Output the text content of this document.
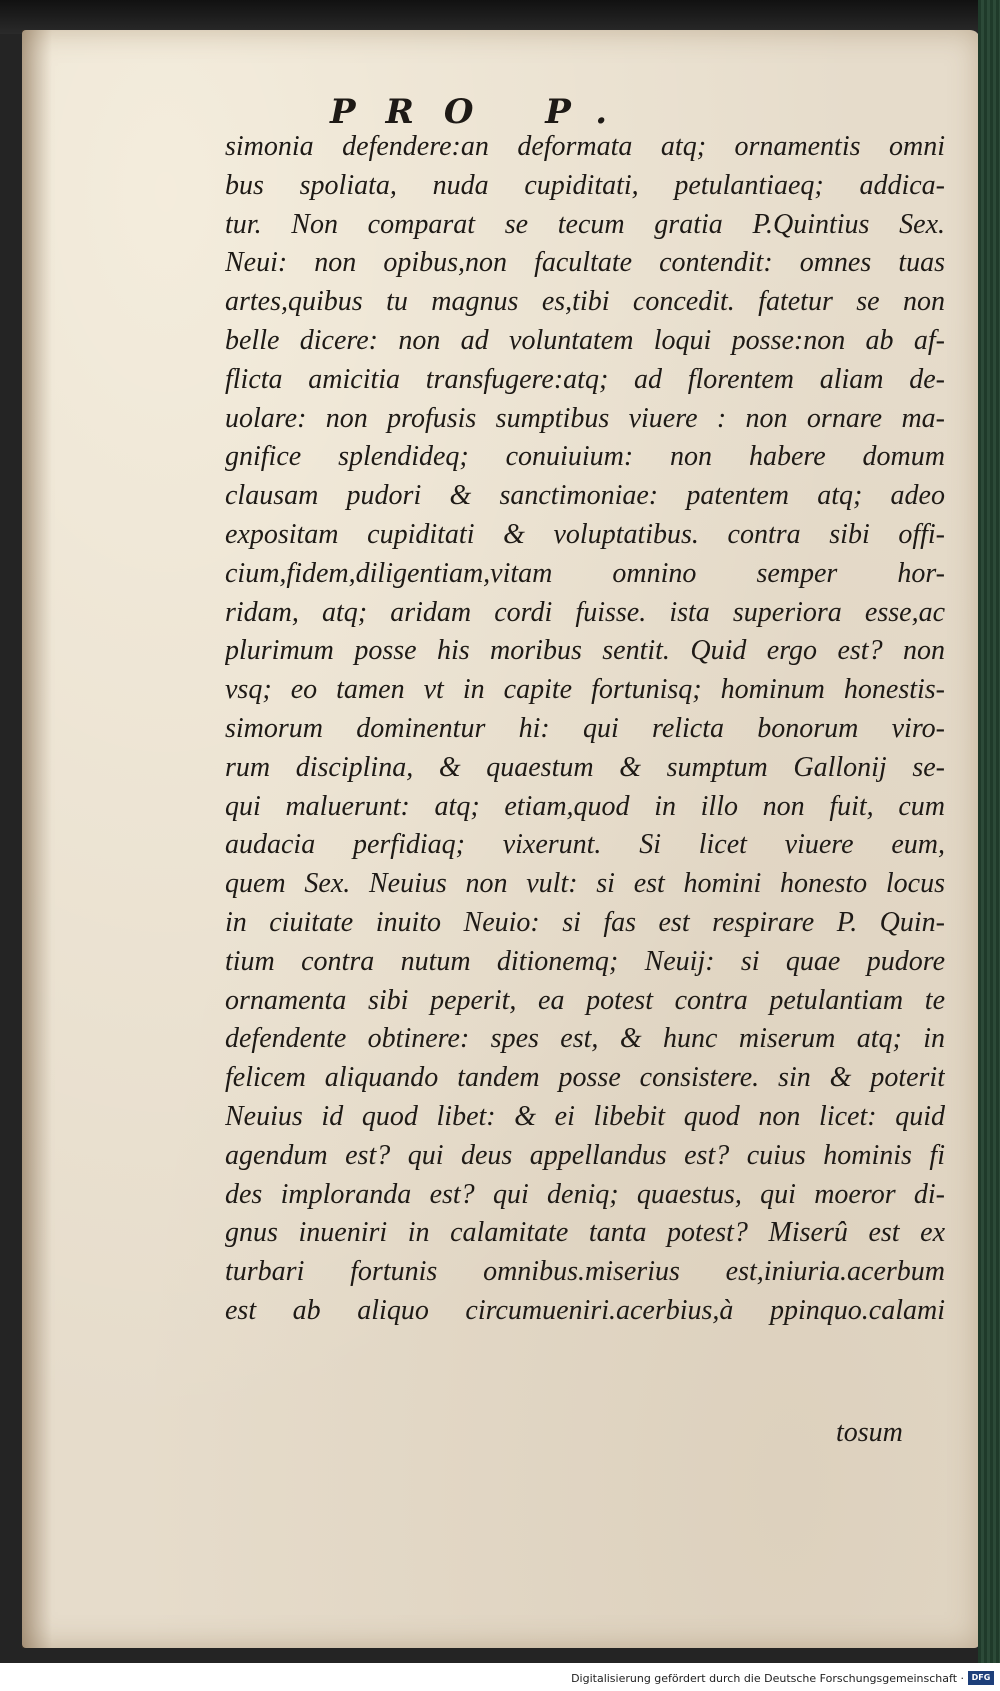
PRO P.
simonia defendere:an deformata atq; ornamentis omni
bus spoliata, nuda cupiditati, petulantiaeq; addica-
tur. Non comparat se tecum gratia P.Quintius Sex.
Neui: non opibus,non facultate contendit: omnes tuas
artes,quibus tu magnus es,tibi concedit. fatetur se non
belle dicere: non ad voluntatem loqui posse:non ab af-
flicta amicitia transfugere:atq; ad florentem aliam de-
uolare: non profusis sumptibus viuere : non ornare ma-
gnifice splendideq; conuiuium: non habere domum
clausam pudori & sanctimoniae: patentem atq; adeo
expositam cupiditati & voluptatibus. contra sibi offi-
cium,fidem,diligentiam,vitam omnino semper hor-
ridam, atq; aridam cordi fuisse. ista superiora esse,ac
plurimum posse his moribus sentit. Quid ergo est? non
vsq; eo tamen vt in capite fortunisq; hominum honestis-
simorum dominentur hi: qui relicta bonorum viro-
rum disciplina, & quaestum & sumptum Gallonij se-
qui maluerunt: atq; etiam,quod in illo non fuit, cum
audacia perfidiaq; vixerunt. Si licet viuere eum,
quem Sex. Neuius non vult: si est homini honesto locus
in ciuitate inuito Neuio: si fas est respirare P. Quin-
tium contra nutum ditionemq; Neuij: si quae pudore
ornamenta sibi peperit, ea potest contra petulantiam te
defendente obtinere: spes est, & hunc miserum atq; in
felicem aliquando tandem posse consistere. sin & poterit
Neuius id quod libet: & ei libebit quod non licet: quid
agendum est? qui deus appellandus est? cuius hominis fi
des imploranda est? qui deniq; quaestus, qui moeror di-
gnus inueniri in calamitate tanta potest? Miserû est ex
turbari fortunis omnibus.miserius est,iniuria.acerbum
est ab aliquo circumueniri.acerbius,à ppinquo.calami
tosum
Digitalisierung gefördert durch die Deutsche Forschungsgemeinschaft · DFG
